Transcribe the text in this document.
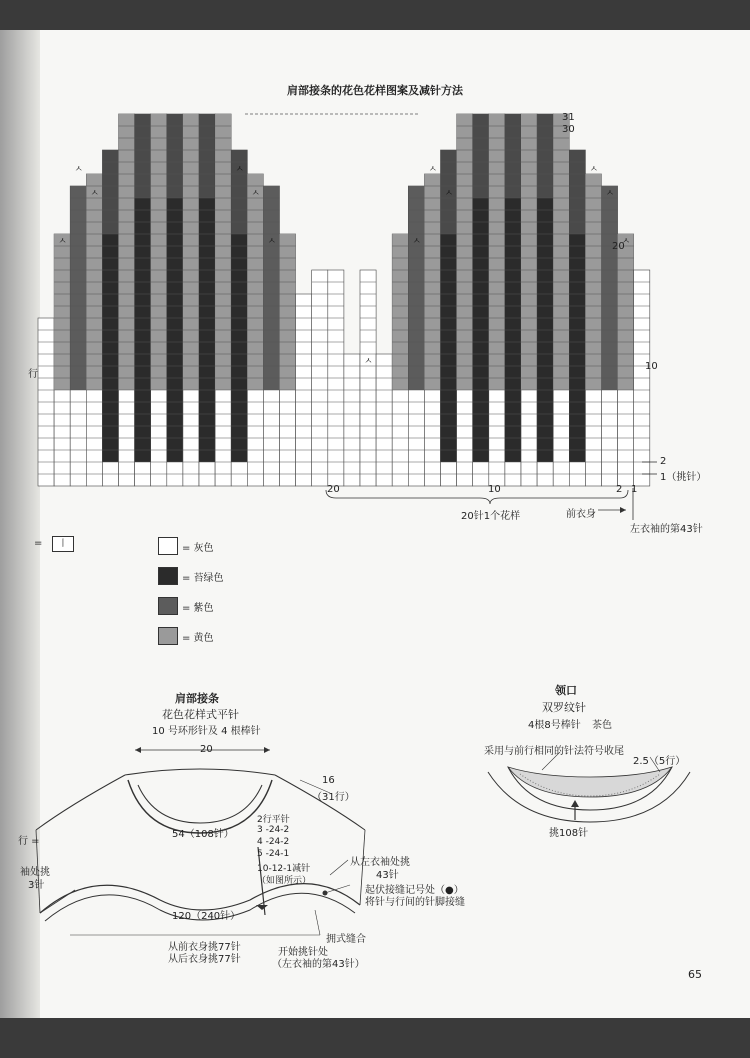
肩部接条的花色花样图案及减针方法
ㅅ
ㅅ	ㅅ
ㅅ
ㅅ	ㅅ
ㅅ
ㅅ	ㅅ
ㅅ
ㅅ	ㅅ
ㅅ
31
30
20
10
2
1（挑针）
20	10	2 1
20针1个花样	前衣身
左衣袖的第43针
行
=	丨	= 灰色
= 苔绿色
= 紫色
= 黄色
肩部接条
花色花样式平针
10 号环形针及 4 根棒针
20
16
（31行）
54（108针）
120（240针）
2行平针
3 -24-2
4 -24-2
5 -24-1
10-12-1减针
（如图所示）
从左衣袖处挑
43针
起伏接缝记号处（●）
将针与行间的针脚接缝
袖处挑
3针
行 =
从前衣身挑77针
从后衣身挑77针
拥式缝合
开始挑针处
（左衣袖的第43针）
领口
双罗纹针
4根8号棒针 茶色
采用与前行相同的针法符号收尾
2.5（5行）
挑108针
65
